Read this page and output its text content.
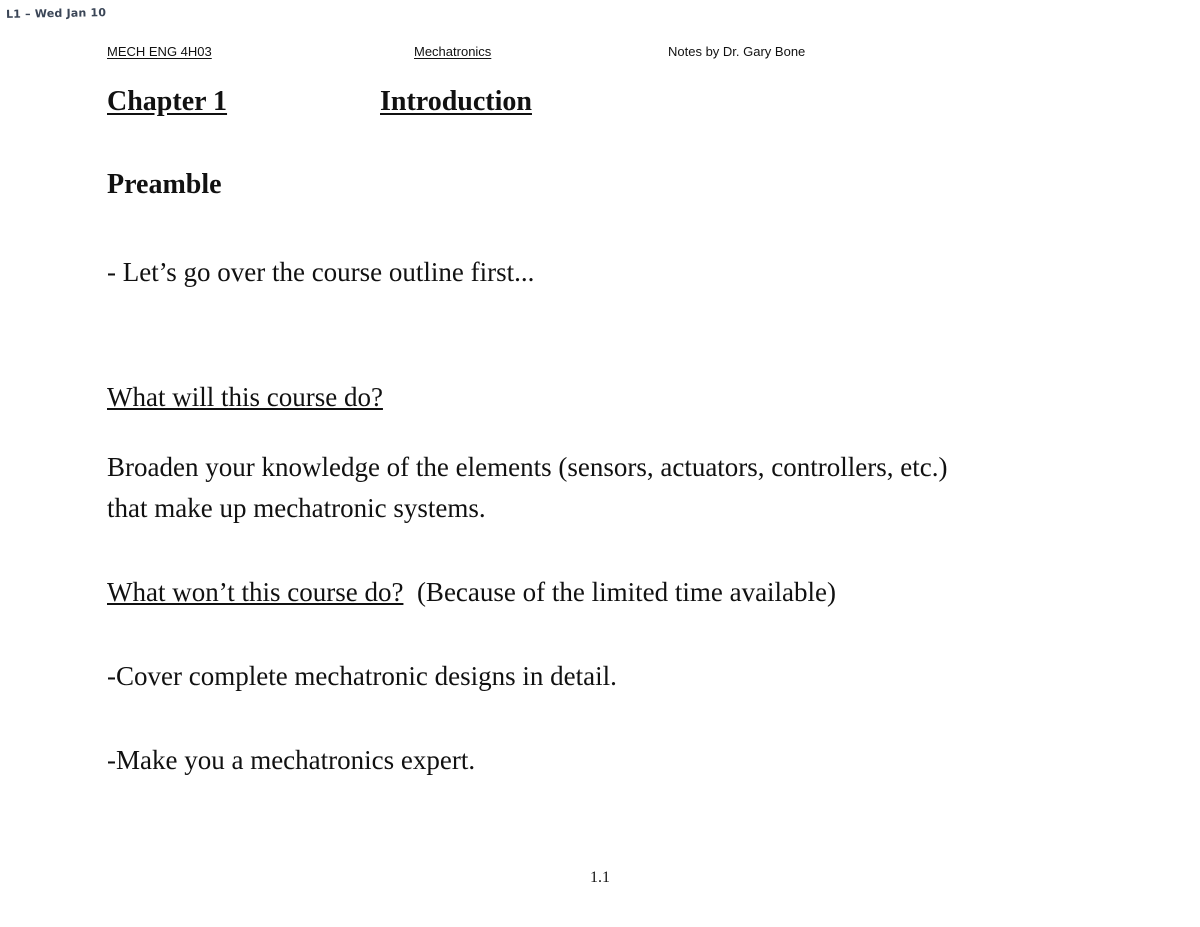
L1 – Wed Jan 10
MECH ENG 4H03	Mechatronics	Notes by Dr. Gary Bone
Chapter 1	Introduction
Preamble
- Let’s go over the course outline first...
What will this course do?
Broaden your knowledge of the elements (sensors, actuators, controllers, etc.)
that make up mechatronic systems.
What won’t this course do? (Because of the limited time available)
-Cover complete mechatronic designs in detail.
-Make you a mechatronics expert.
1.1
